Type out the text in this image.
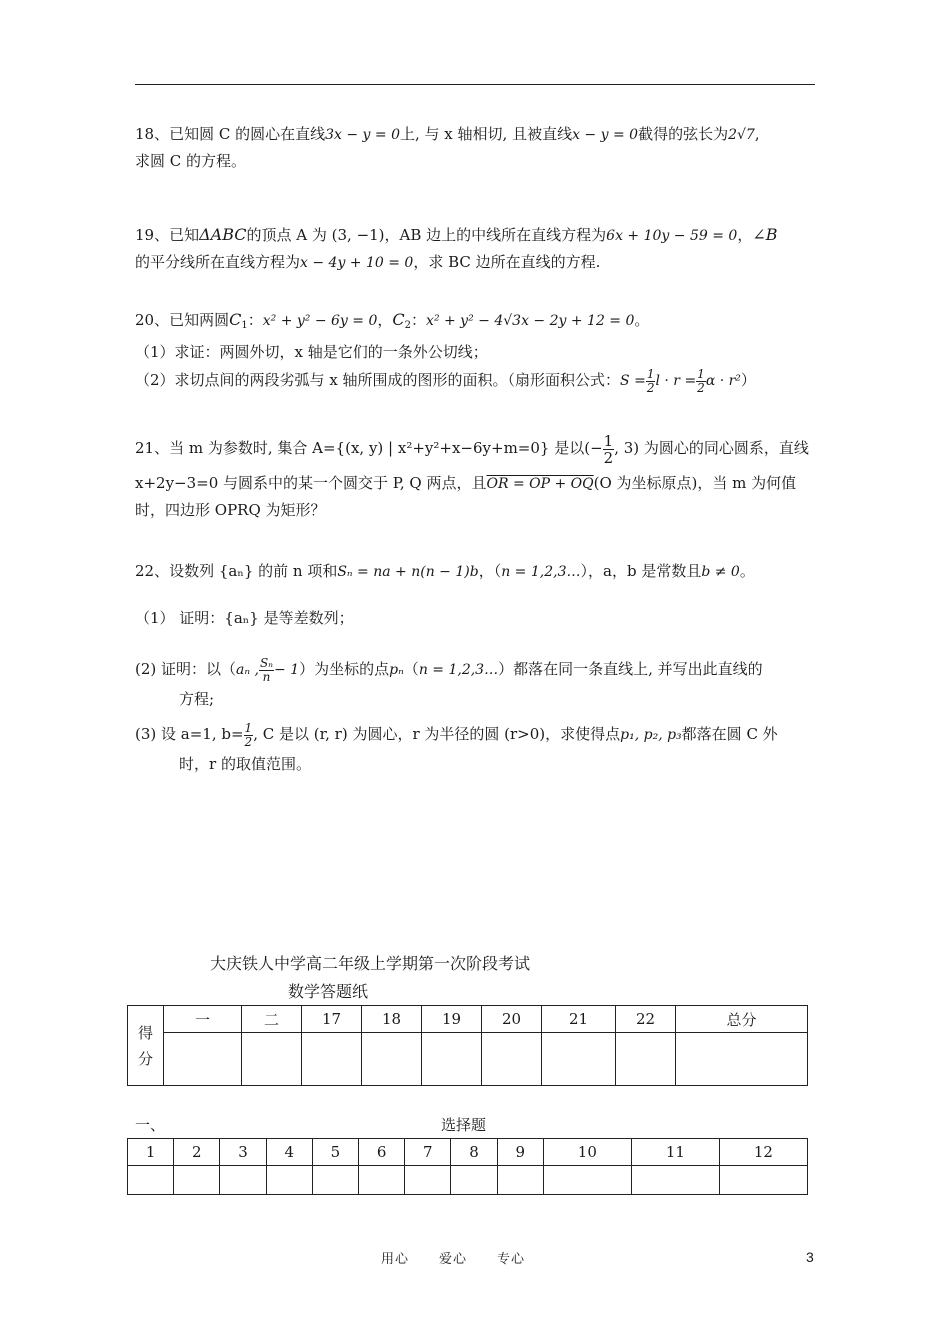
18、已知圆 C 的圆心在直线3x − y = 0上, 与 x 轴相切, 且被直线x − y = 0截得的弦长为2√7,

求圆 C 的方程。

19、已知ΔABC的顶点 A 为 (3, −1)，AB 边上的中线所在直线方程为6x + 10y − 59 = 0，∠B

的平分线所在直线方程为x − 4y + 10 = 0，求 BC 边所在直线的方程.

20、已知两圆$C_1$：x² + y² − 6y = 0，$C_2$：x² + y² − 4√3x − 2y + 12 = 0。

（1）求证：两圆外切，x 轴是它们的一条外公切线；

（2）求切点间的两段劣弧与 x 轴所围成的图形的面积。（扇形面积公式：$S = \frac{1}{2}$ $l \cdot r = \frac{1}{2}$ α · r²）

21、当 m 为参数时, 集合 A={(x, y) | x²+y²+x−6y+m=0} 是以(− $\frac{1}{2}$ , 3) 为圆心的同心圆系，直线

x+2y−3=0 与圆系中的某一个圆交于 P, Q 两点，且OR = OP + OQ(O 为坐标原点)，当 m 为何值

时，四边形 OPRQ 为矩形？

22、设数列 {aₙ} 的前 n 项和Sₙ = na + n(n − 1)b，（n = 1,2,3…），a，b 是常数且b ≠ 0。

（1） 证明：{aₙ} 是等差数列；

(2) 证明：以（aₙ , $\frac{\text{Sₙ}}{n} - 1$）为坐标的点pₙ（n = 1,2,3…）都落在同一条直线上, 并写出此直线的

方程;

(3) 设 a=1, $b= \frac{1}{2}$ , C 是以 (r, r) 为圆心，r 为半径的圆 (r>0)，求使得点p₁, p₂, p₃都落在圆 C 外

时，r 的取值范围。

大庆铁人中学高二年级上学期第一次阶段考试
数学答题纸
得
分	一	二	17	18	19	20	21	22	总分

一、	选择题
1	2	3	4	5	6	7	8	9	10	11	12

用心 爱心 专心	3
